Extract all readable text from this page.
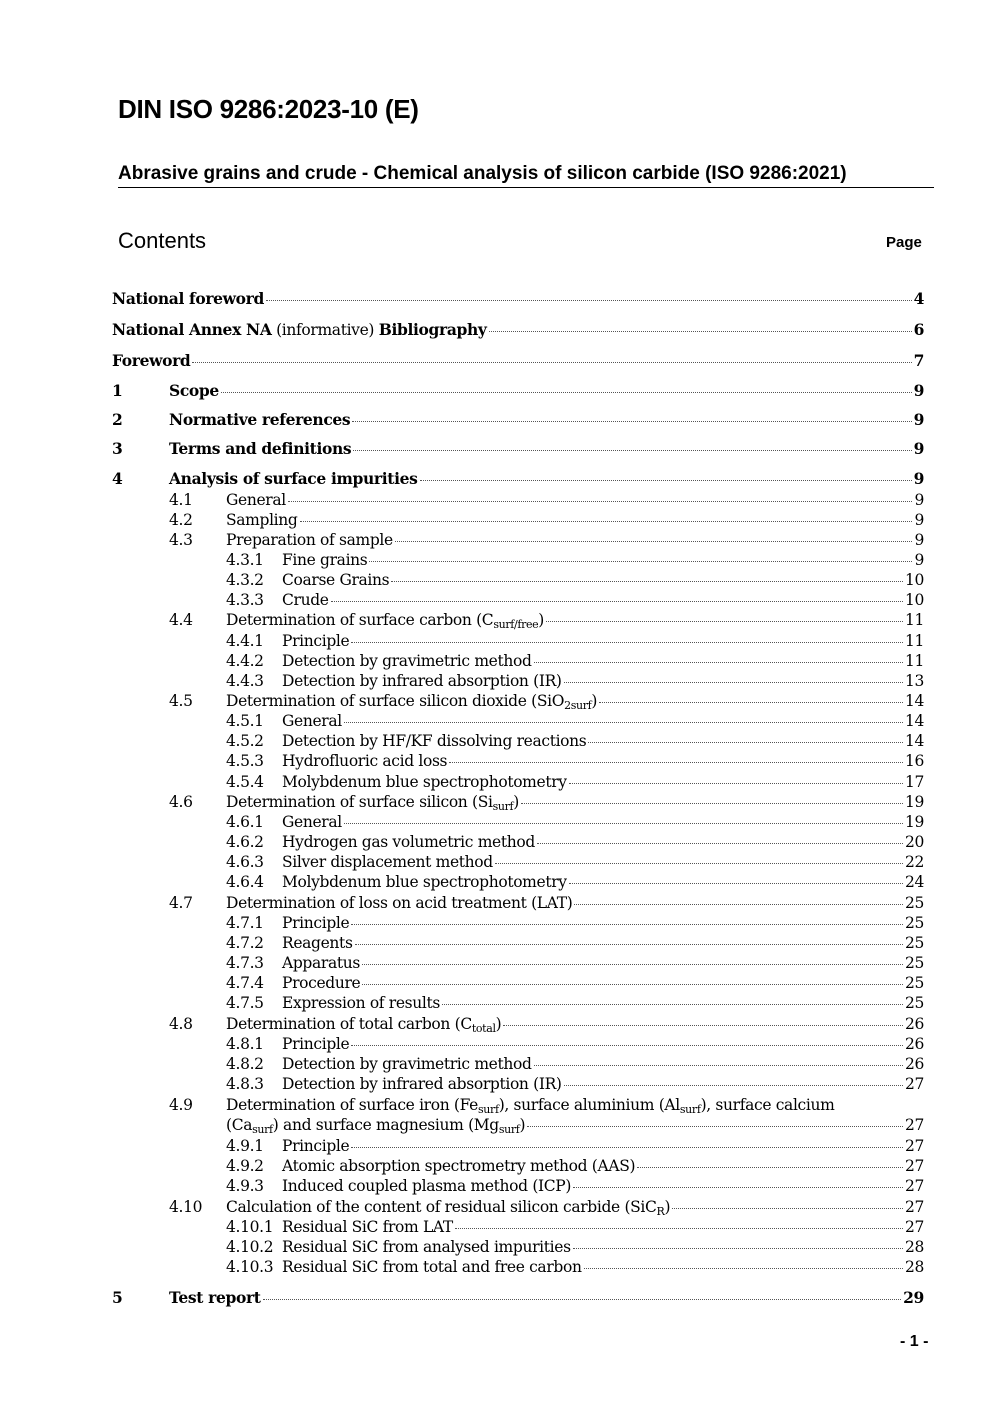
DIN ISO 9286:2023-10 (E)
Abrasive grains and crude - Chemical analysis of silicon carbide (ISO 9286:2021)
Contents	Page
National foreword	4
National Annex NA (informative) Bibliography	6
Foreword	7
1	Scope	9
2	Normative references	9
3	Terms and definitions	9
4	Analysis of surface impurities	9
4.1	General	9
4.2	Sampling	9
4.3	Preparation of sample	9
4.3.1	Fine grains	9
4.3.2	Coarse Grains	10
4.3.3	Crude	10
4.4	Determination of surface carbon $(C_{surf/free})$	11
4.4.1	Principle	11
4.4.2	Detection by gravimetric method	11
4.4.3	Detection by infrared absorption (IR)	13
4.5	Determination of surface silicon dioxide (SiO$_{2surf}$)	14
4.5.1	General	14
4.5.2	Detection by HF/KF dissolving reactions	14
4.5.3	Hydrofluoric acid loss	16
4.5.4	Molybdenum blue spectrophotometry	17
4.6	Determination of surface silicon $(Si_{surf})$	19
4.6.1	General	19
4.6.2	Hydrogen gas volumetric method	20
4.6.3	Silver displacement method	22
4.6.4	Molybdenum blue spectrophotometry	24
4.7	Determination of loss on acid treatment (LAT)	25
4.7.1	Principle	25
4.7.2	Reagents	25
4.7.3	Apparatus	25
4.7.4	Procedure	25
4.7.5	Expression of results	25
4.8	Determination of total carbon $(C_{total})$	26
4.8.1	Principle	26
4.8.2	Detection by gravimetric method	26
4.8.3	Detection by infrared absorption (IR)	27
4.9	Determination of surface iron $(Fe_{surf})$, surface aluminium $(Al_{surf})$, surface calcium
$(Ca_{surf})$ and surface magnesium $(Mg_{surf})$	27
4.9.1	Principle	27
4.9.2	Atomic absorption spectrometry method (AAS)	27
4.9.3	Induced coupled plasma method (ICP)	27
4.10	Calculation of the content of residual silicon carbide (SiC$_R$)	27
4.10.1 Residual SiC from LAT	27
4.10.2 Residual SiC from analysed impurities	28
4.10.3 Residual SiC from total and free carbon	28
5	Test report	29
- 1 -
